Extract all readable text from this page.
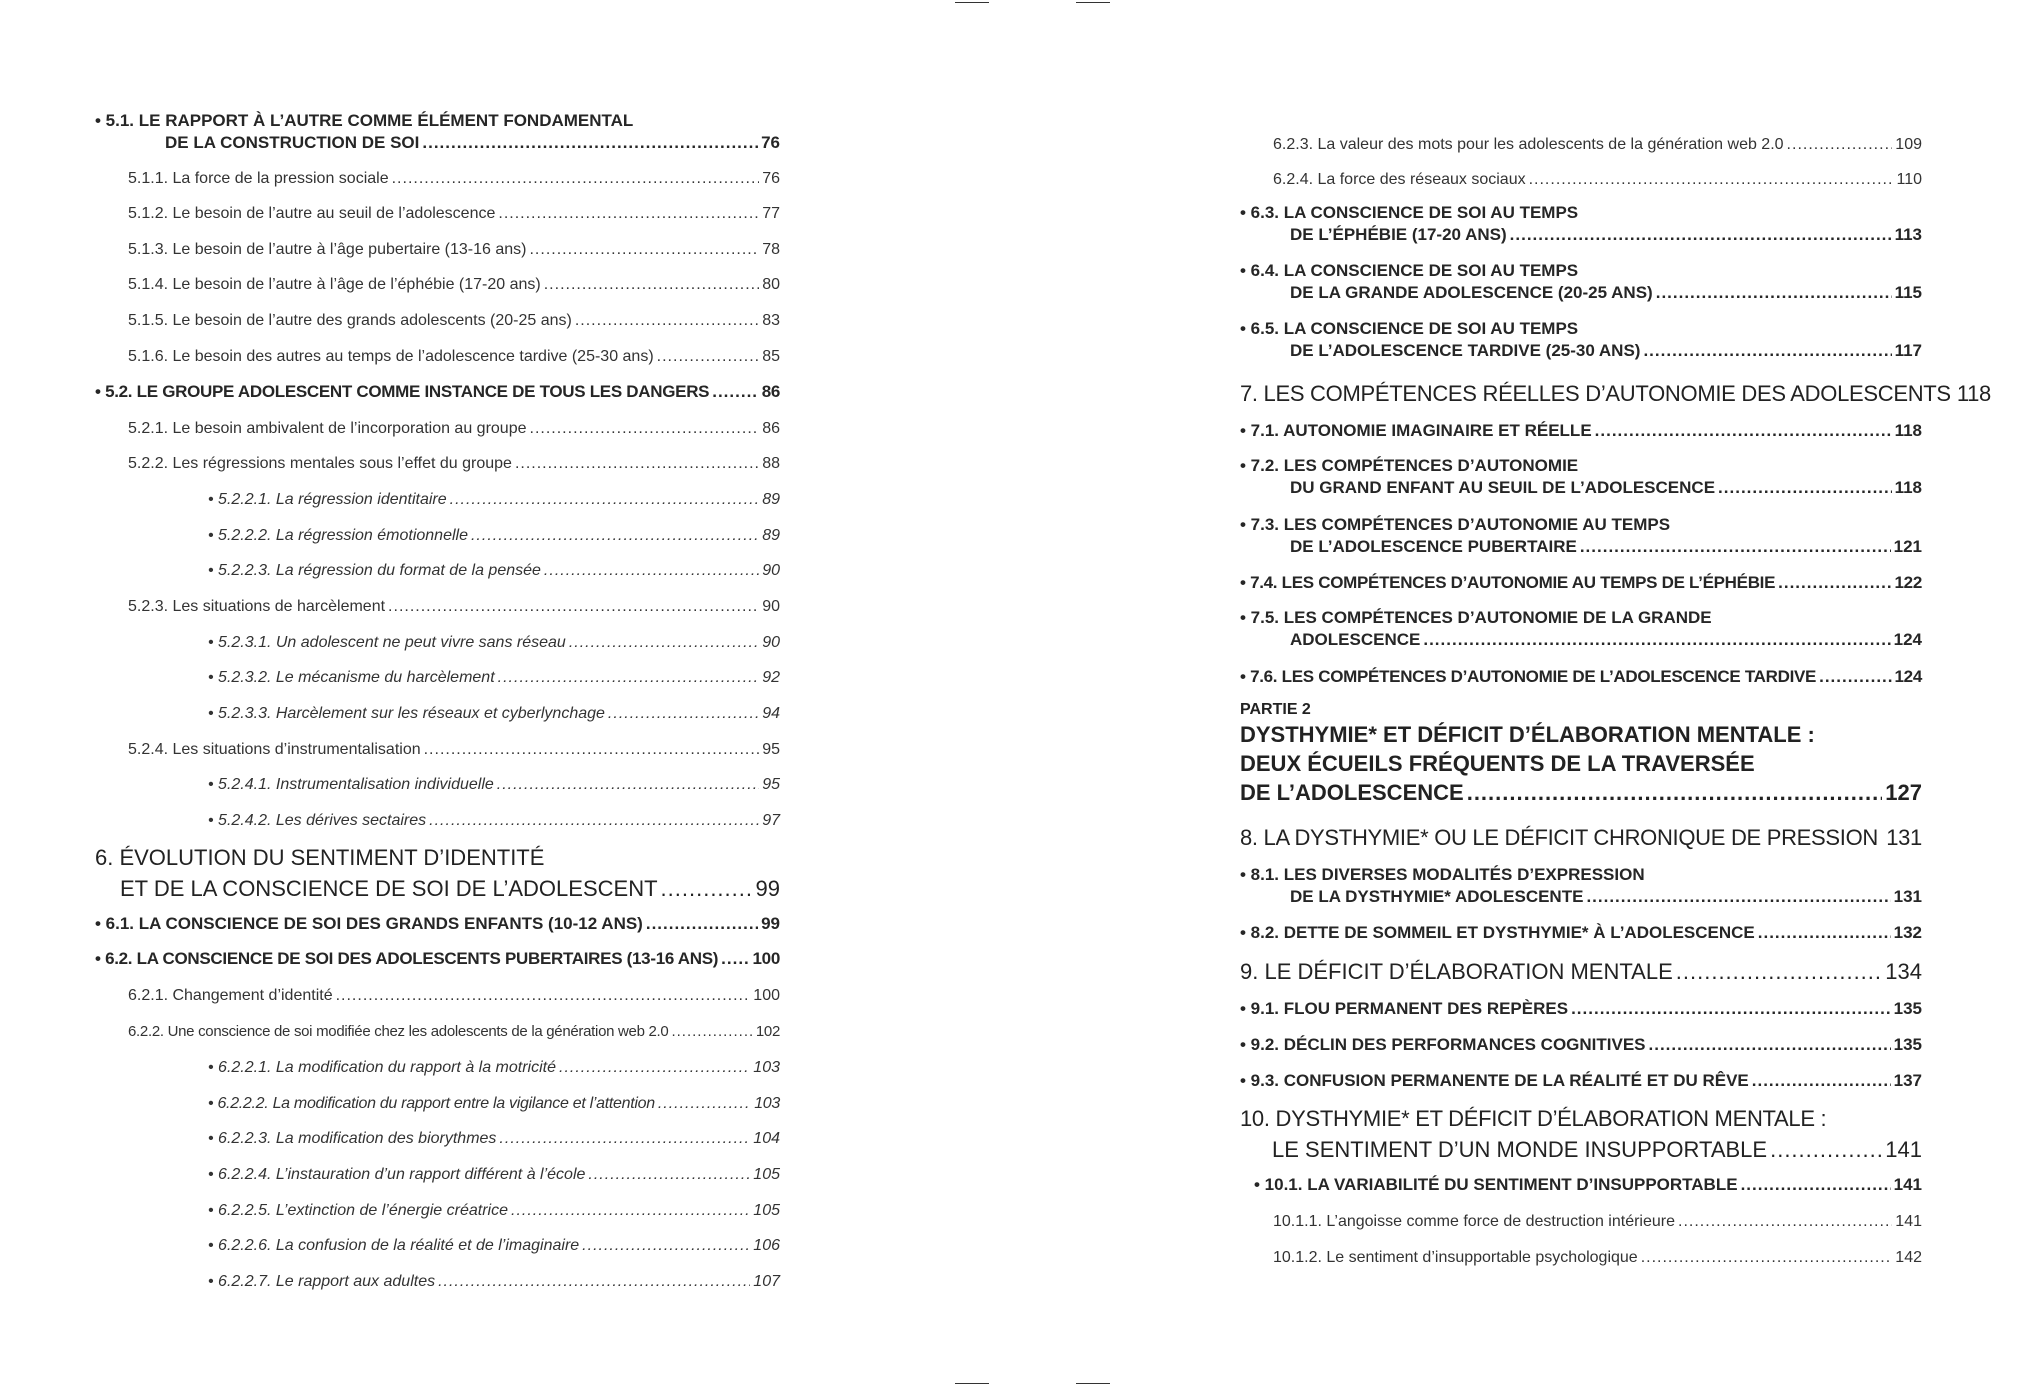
• 5.1. LE RAPPORT À L’AUTRE COMME ÉLÉMENT FONDAMENTAL
DE LA CONSTRUCTION DE SOI .....	76
5.1.1. La force de la pression sociale .....	76
5.1.2. Le besoin de l’autre au seuil de l’adolescence .....	77
5.1.3. Le besoin de l’autre à l’âge pubertaire (13-16 ans) .....	78
5.1.4. Le besoin de l’autre à l’âge de l’éphébie (17-20 ans) .....	80
5.1.5. Le besoin de l’autre des grands adolescents (20-25 ans) .....	83
5.1.6. Le besoin des autres au temps de l’adolescence tardive (25-30 ans) .....	85
• 5.2. LE GROUPE ADOLESCENT COMME INSTANCE DE TOUS LES DANGERS .....	86
5.2.1. Le besoin ambivalent de l’incorporation au groupe .....	86
5.2.2. Les régressions mentales sous l’effet du groupe .....	88
• 5.2.2.1. La régression identitaire .....	89
• 5.2.2.2. La régression émotionnelle .....	89
• 5.2.2.3. La régression du format de la pensée .....	90
5.2.3. Les situations de harcèlement .....	90
• 5.2.3.1. Un adolescent ne peut vivre sans réseau .....	90
• 5.2.3.2. Le mécanisme du harcèlement .....	92
• 5.2.3.3. Harcèlement sur les réseaux et cyberlynchage .....	94
5.2.4. Les situations d’instrumentalisation .....	95
• 5.2.4.1. Instrumentalisation individuelle .....	95
• 5.2.4.2. Les dérives sectaires .....	97
6. ÉVOLUTION DU SENTIMENT D’IDENTITÉ
ET DE LA CONSCIENCE DE SOI DE L’ADOLESCENT .....	99
• 6.1. LA CONSCIENCE DE SOI DES GRANDS ENFANTS (10-12 ANS) .....	99
• 6.2. LA CONSCIENCE DE SOI DES ADOLESCENTS PUBERTAIRES (13-16 ANS) ..... 100
6.2.1. Changement d’identité .....	100
6.2.2. Une conscience de soi modifiée chez les adolescents de la génération web 2.0 .....	102
• 6.2.2.1. La modification du rapport à la motricité .....	103
• 6.2.2.2. La modification du rapport entre la vigilance et l’attention .....	103
• 6.2.2.3. La modification des biorythmes .....	104
• 6.2.2.4. L’instauration d’un rapport différent à l’école .....	105
• 6.2.2.5. L’extinction de l’énergie créatrice .....	105
• 6.2.2.6. La confusion de la réalité et de l’imaginaire .....	106
• 6.2.2.7. Le rapport aux adultes .....	107
6.2.3. La valeur des mots pour les adolescents de la génération web 2.0 .....	109
6.2.4. La force des réseaux sociaux .....	110
• 6.3. LA CONSCIENCE DE SOI AU TEMPS
DE L’ÉPHÉBIE (17-20 ANS) .....	113
• 6.4. LA CONSCIENCE DE SOI AU TEMPS
DE LA GRANDE ADOLESCENCE (20-25 ANS) .....	115
• 6.5. LA CONSCIENCE DE SOI AU TEMPS
DE L’ADOLESCENCE TARDIVE (25-30 ANS) .....	117
7. LES COMPÉTENCES RÉELLES D’AUTONOMIE DES ADOLESCENTS 118
• 7.1. AUTONOMIE IMAGINAIRE ET RÉELLE .....	118
• 7.2. LES COMPÉTENCES D’AUTONOMIE
DU GRAND ENFANT AU SEUIL DE L’ADOLESCENCE .....	118
• 7.3. LES COMPÉTENCES D’AUTONOMIE AU TEMPS
DE L’ADOLESCENCE PUBERTAIRE .....	121
• 7.4. LES COMPÉTENCES D’AUTONOMIE AU TEMPS DE L’ÉPHÉBIE .....	122
• 7.5. LES COMPÉTENCES D’AUTONOMIE DE LA GRANDE
ADOLESCENCE .....	124
• 7.6. LES COMPÉTENCES D’AUTONOMIE DE L’ADOLESCENCE TARDIVE .....	124
PARTIE 2
DYSTHYMIE* ET DÉFICIT D’ÉLABORATION MENTALE :
DEUX ÉCUEILS FRÉQUENTS DE LA TRAVERSÉE
DE L’ADOLESCENCE .....	127
8. LA DYSTHYMIE* OU LE DÉFICIT CHRONIQUE DE PRESSION ..... 131
• 8.1. LES DIVERSES MODALITÉS D’EXPRESSION
DE LA DYSTHYMIE* ADOLESCENTE .....	131
• 8.2. DETTE DE SOMMEIL ET DYSTHYMIE* À L’ADOLESCENCE .....	132
9. LE DÉFICIT D’ÉLABORATION MENTALE .....	134
• 9.1. FLOU PERMANENT DES REPÈRES .....	135
• 9.2. DÉCLIN DES PERFORMANCES COGNITIVES .....	135
• 9.3. CONFUSION PERMANENTE DE LA RÉALITÉ ET DU RÊVE .....	137
10. DYSTHYMIE* ET DÉFICIT D’ÉLABORATION MENTALE :
LE SENTIMENT D’UN MONDE INSUPPORTABLE .....	141
• 10.1. LA VARIABILITÉ DU SENTIMENT D’INSUPPORTABLE .....	141
10.1.1. L’angoisse comme force de destruction intérieure .....	141
10.1.2. Le sentiment d’insupportable psychologique .....	142
